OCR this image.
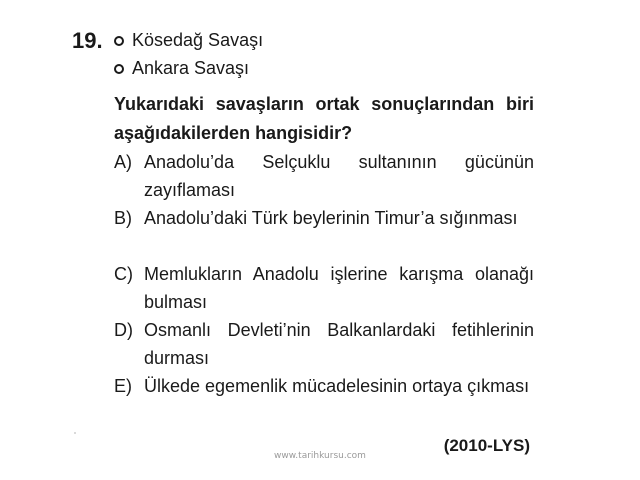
19. Kösedağ Savaşı
Ankara Savaşı
Yukarıdaki savaşların ortak sonuçlarından biri aşağıdakilerden hangisidir?
A) Anadolu’da Selçuklu sultanının gücünün zayıflaması
B) Anadolu’daki Türk beylerinin Timur’a sığınması
C) Memlukların Anadolu işlerine karışma olanağı bulması
D) Osmanlı Devleti’nin Balkanlardaki fetihlerinin durması
E) Ülkede egemenlik mücadelesinin ortaya çıkması
(2010-LYS)
www.tarihkursu.com
